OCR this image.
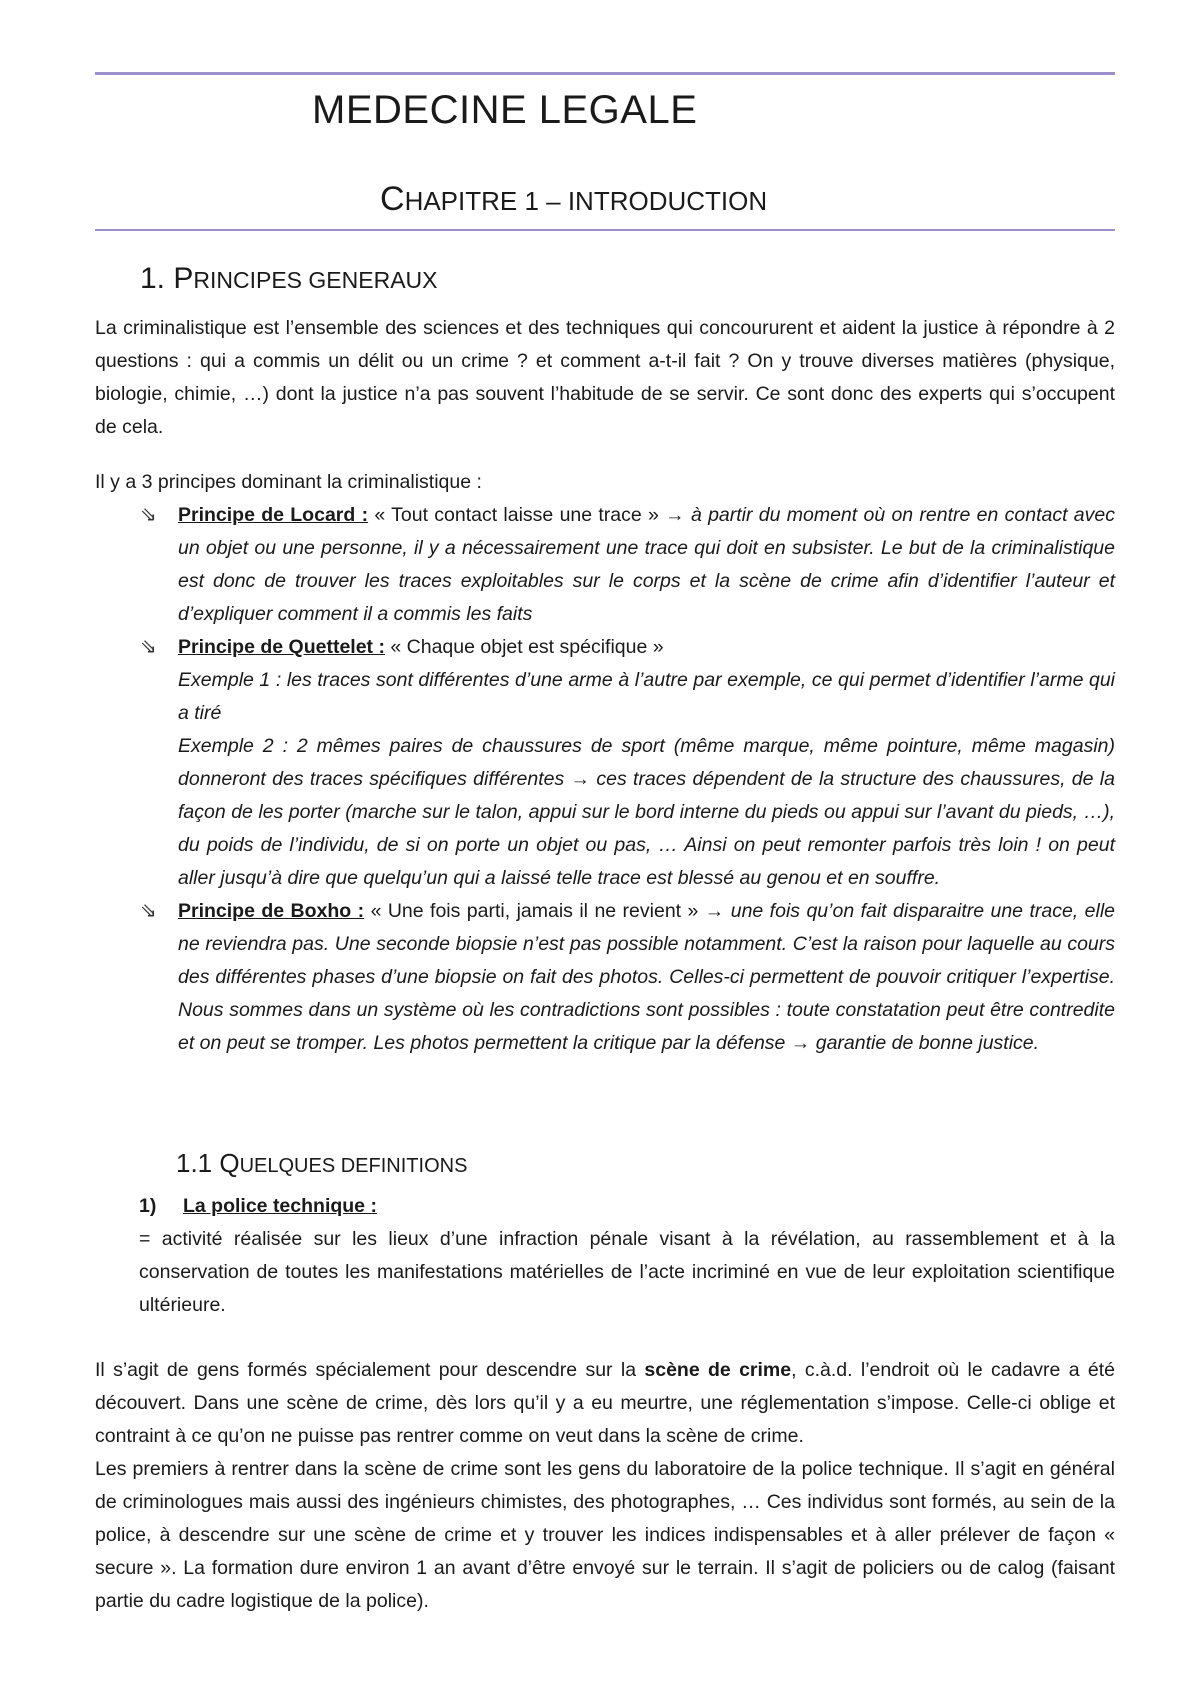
MEDECINE LEGALE
CHAPITRE 1 – INTRODUCTION
1. PRINCIPES GENERAUX

La criminalistique est l’ensemble des sciences et des techniques qui concoururent et aident la justice à répondre à 2 questions : qui a commis un délit ou un crime ? et comment a-t-il fait ? On y trouve diverses matières (physique, biologie, chimie, …) dont la justice n’a pas souvent l’habitude de se servir. Ce sont donc des experts qui s’occupent de cela.

Il y a 3 principes dominant la criminalistique :

⇘ Principe de Locard : « Tout contact laisse une trace » → à partir du moment où on rentre en contact avec un objet ou une personne, il y a nécessairement une trace qui doit en subsister. Le but de la criminalistique est donc de trouver les traces exploitables sur le corps et la scène de crime afin d’identifier l’auteur et d’expliquer comment il a commis les faits
⇘ Principe de Quettelet : « Chaque objet est spécifique »
Exemple 1 : les traces sont différentes d’une arme à l’autre par exemple, ce qui permet d’identifier l’arme qui a tiré
Exemple 2 : 2 mêmes paires de chaussures de sport (même marque, même pointure, même magasin) donneront des traces spécifiques différentes → ces traces dépendent de la structure des chaussures, de la façon de les porter (marche sur le talon, appui sur le bord interne du pieds ou appui sur l’avant du pieds, …), du poids de l’individu, de si on porte un objet ou pas, … Ainsi on peut remonter parfois très loin ! on peut aller jusqu’à dire que quelqu’un qui a laissé telle trace est blessé au genou et en souffre.
⇘ Principe de Boxho : « Une fois parti, jamais il ne revient » → une fois qu’on fait disparaitre une trace, elle ne reviendra pas. Une seconde biopsie n’est pas possible notamment. C’est la raison pour laquelle au cours des différentes phases d’une biopsie on fait des photos. Celles-ci permettent de pouvoir critiquer l’expertise. Nous sommes dans un système où les contradictions sont possibles : toute constatation peut être contredite et on peut se tromper. Les photos permettent la critique par la défense → garantie de bonne justice.
1.1 QUELQUES DEFINITIONS
1) La police technique :
= activité réalisée sur les lieux d’une infraction pénale visant à la révélation, au rassemblement et à la conservation de toutes les manifestations matérielles de l’acte incriminé en vue de leur exploitation scientifique ultérieure.

Il s’agit de gens formés spécialement pour descendre sur la scène de crime, c.à.d. l’endroit où le cadavre a été découvert. Dans une scène de crime, dès lors qu’il y a eu meurtre, une réglementation s’impose. Celle-ci oblige et contraint à ce qu’on ne puisse pas rentrer comme on veut dans la scène de crime.

Les premiers à rentrer dans la scène de crime sont les gens du laboratoire de la police technique. Il s’agit en général de criminologues mais aussi des ingénieurs chimistes, des photographes, … Ces individus sont formés, au sein de la police, à descendre sur une scène de crime et y trouver les indices indispensables et à aller prélever de façon « secure ». La formation dure environ 1 an avant d’être envoyé sur le terrain. Il s’agit de policiers ou de calog (faisant partie du cadre logistique de la police).
